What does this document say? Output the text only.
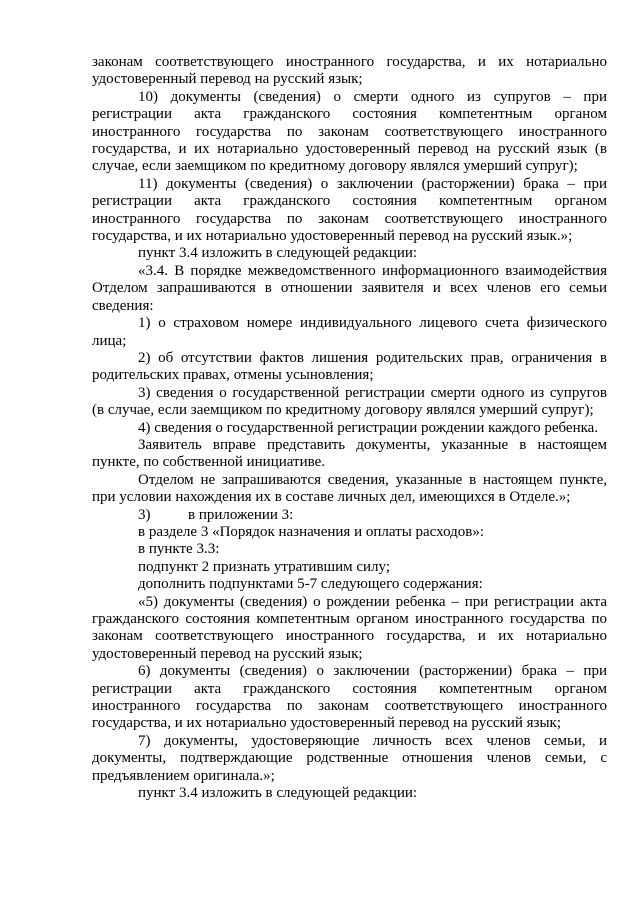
законам соответствующего иностранного государства, и их нотариально удостоверенный перевод на русский язык;

10) документы (сведения) о смерти одного из супругов – при регистрации акта гражданского состояния компетентным органом иностранного государства по законам соответствующего иностранного государства, и их нотариально удостоверенный перевод на русский язык (в случае, если заемщиком по кредитному договору являлся умерший супруг);

11) документы (сведения) о заключении (расторжении) брака – при регистрации акта гражданского состояния компетентным органом иностранного государства по законам соответствующего иностранного государства, и их нотариально удостоверенный перевод на русский язык.»;

пункт 3.4 изложить в следующей редакции:

«3.4. В порядке межведомственного информационного взаимодействия Отделом запрашиваются в отношении заявителя и всех членов его семьи сведения:

1) о страховом номере индивидуального лицевого счета физического лица;

2) об отсутствии фактов лишения родительских прав, ограничения в родительских правах, отмены усыновления;

3) сведения о государственной регистрации смерти одного из супругов (в случае, если заемщиком по кредитному договору являлся умерший супруг);

4) сведения о государственной регистрации рождении каждого ребенка.

Заявитель вправе представить документы, указанные в настоящем пункте, по собственной инициативе.

Отделом не запрашиваются сведения, указанные в настоящем пункте, при условии нахождения их в составе личных дел, имеющихся в Отделе.»;

3)          в приложении 3:

в разделе 3 «Порядок назначения и оплаты расходов»:

в пункте 3.3:

подпункт 2 признать утратившим силу;

дополнить подпунктами 5-7 следующего содержания:

«5) документы (сведения) о рождении ребенка – при регистрации акта гражданского состояния компетентным органом иностранного государства по законам соответствующего иностранного государства, и их нотариально удостоверенный перевод на русский язык;

6) документы (сведения) о заключении (расторжении) брака – при регистрации акта гражданского состояния компетентным органом иностранного государства по законам соответствующего иностранного государства, и их нотариально удостоверенный перевод на русский язык;

7) документы, удостоверяющие личность всех членов семьи, и документы, подтверждающие родственные отношения членов семьи, с предъявлением оригинала.»;

пункт 3.4 изложить в следующей редакции:
